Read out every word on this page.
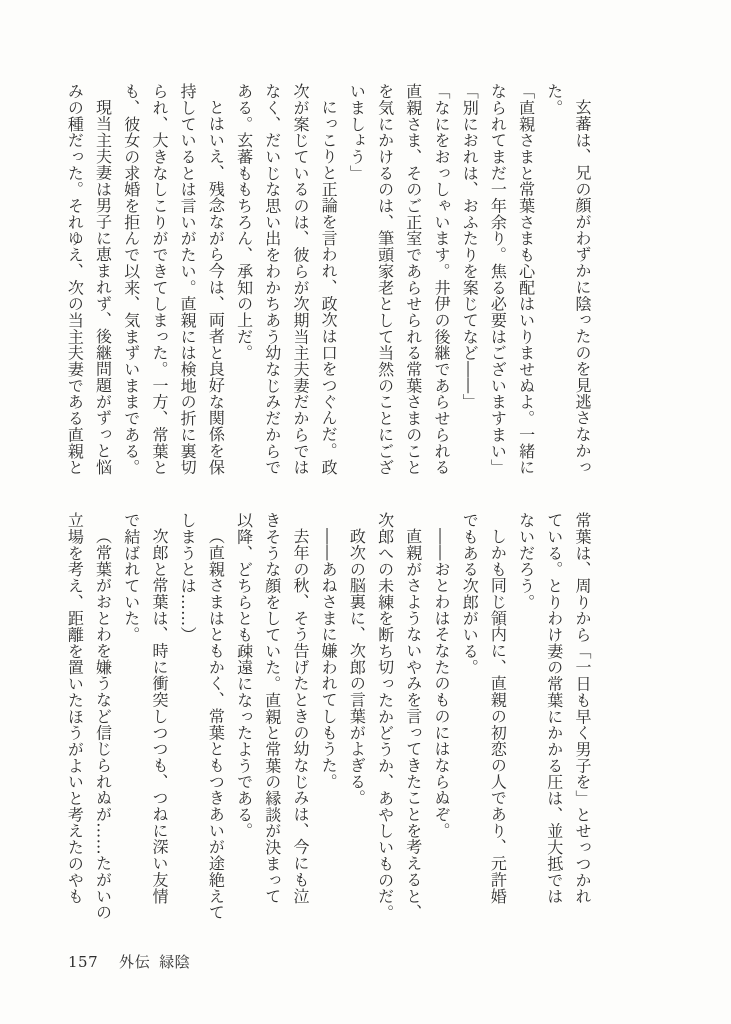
玄蕃は、兄の顔がわずかに陰ったのを見逃さなかっ
た。
「直親さまと常葉さまも心配はいりませぬよ。一緒に
なられてまだ一年余り。焦る必要はございますまい」
「別におれは、おふたりを案じてなど――」
「なにをおっしゃいます。井伊の後継であらせられる
直親さま、そのご正室であらせられる常葉さまのこと
を気にかけるのは、筆頭家老として当然のことにござ
いましょう」
にっこりと正論を言われ、政次は口をつぐんだ。政
次が案じているのは、彼らが次期当主夫妻だからでは
なく、だいじな思い出をわかちあう幼なじみだからで
ある。玄蕃ももちろん、承知の上だ。
とはいえ、残念ながら今は、両者と良好な関係を保
持しているとは言いがたい。直親には検地の折に裏切
られ、大きなしこりができてしまった。一方、常葉と
も、彼女の求婚を拒んで以来、気まずいままである。
現当主夫妻は男子に恵まれず、後継問題がずっと悩
みの種だった。それゆえ、次の当主夫妻である直親と
常葉は、周りから「一日も早く男子を」とせっつかれ
ている。とりわけ妻の常葉にかかる圧は、並大抵では
ないだろう。
しかも同じ領内に、直親の初恋の人であり、元許婚
でもある次郎がいる。
――おとわはそなたのものにはならぬぞ。
直親がさようないやみを言ってきたことを考えると、
次郎への未練を断ち切ったかどうか、あやしいものだ。
政次の脳裏に、次郎の言葉がよぎる。
――あねさまに嫌われてしもうた。
去年の秋、そう告げたときの幼なじみは、今にも泣
きそうな顔をしていた。直親と常葉の縁談が決まって
以降、どちらとも疎遠になったようである。
（直親さまはともかく、常葉ともつきあいが途絶えて
しまうとは……）
次郎と常葉は、時に衝突しつつも、つねに深い友情
で結ばれていた。
（常葉がおとわを嫌うなど信じられぬが……たがいの
立場を考え、距離を置いたほうがよいと考えたのやも
157 外伝 緑陰
